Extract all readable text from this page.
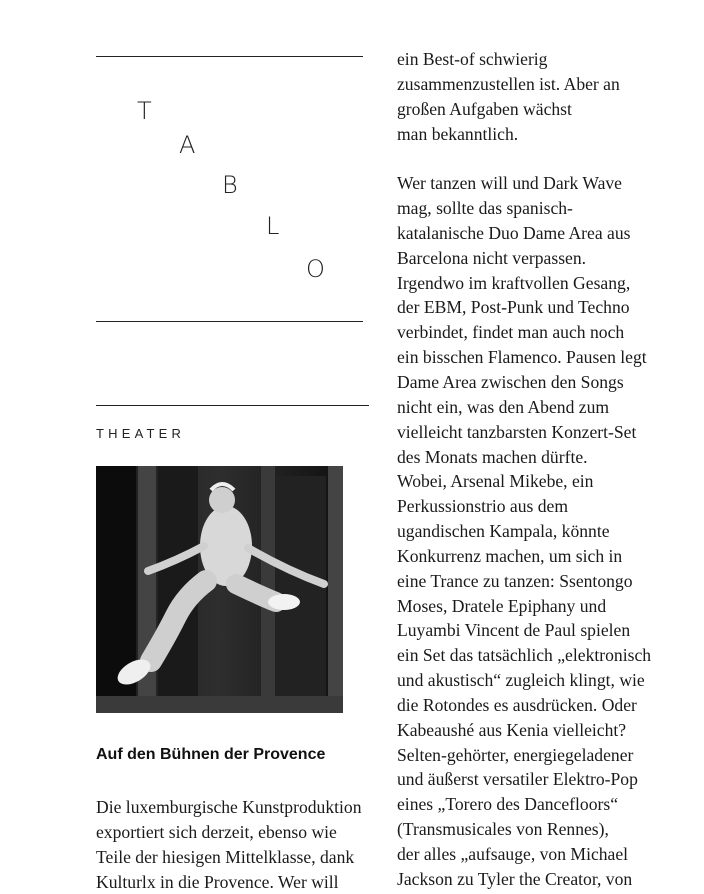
T
A
B
L
O
THEATER
Auf den Bühnen der Provence
Die luxemburgische Kunstproduktion
exportiert sich derzeit, ebenso wie
Teile der hiesigen Mittelklasse, dank
Kulturlx in die Provence. Wer will
ein Best-of schwierig
zusammenzustellen ist. Aber an
großen Aufgaben wächst
man bekanntlich.
Wer tanzen will und Dark Wave
mag, sollte das spanisch-
katalanische Duo Dame Area aus
Barcelona nicht verpassen.
Irgendwo im kraftvollen Gesang,
der EBM, Post-Punk und Techno
verbindet, findet man auch noch
ein bisschen Flamenco. Pausen legt
Dame Area zwischen den Songs
nicht ein, was den Abend zum
vielleicht tanzbarsten Konzert-Set
des Monats machen dürfte.
Wobei, Arsenal Mikebe, ein
Perkussionstrio aus dem
ugandischen Kampala, könnte
Konkurrenz machen, um sich in
eine Trance zu tanzen: Ssentongo
Moses, Dratele Epiphany und
Luyambi Vincent de Paul spielen
ein Set das tatsächlich „elektronisch
und akustisch“ zugleich klingt, wie
die Rotondes es ausdrücken. Oder
Kabeaushé aus Kenia vielleicht?
Selten-gehörter, energiegeladener
und äußerst versatiler Elektro-Pop
eines „Torero des Dancefloors“
(Transmusicales von Rennes),
der alles „aufsauge, von Michael
Jackson zu Tyler the Creator, von
